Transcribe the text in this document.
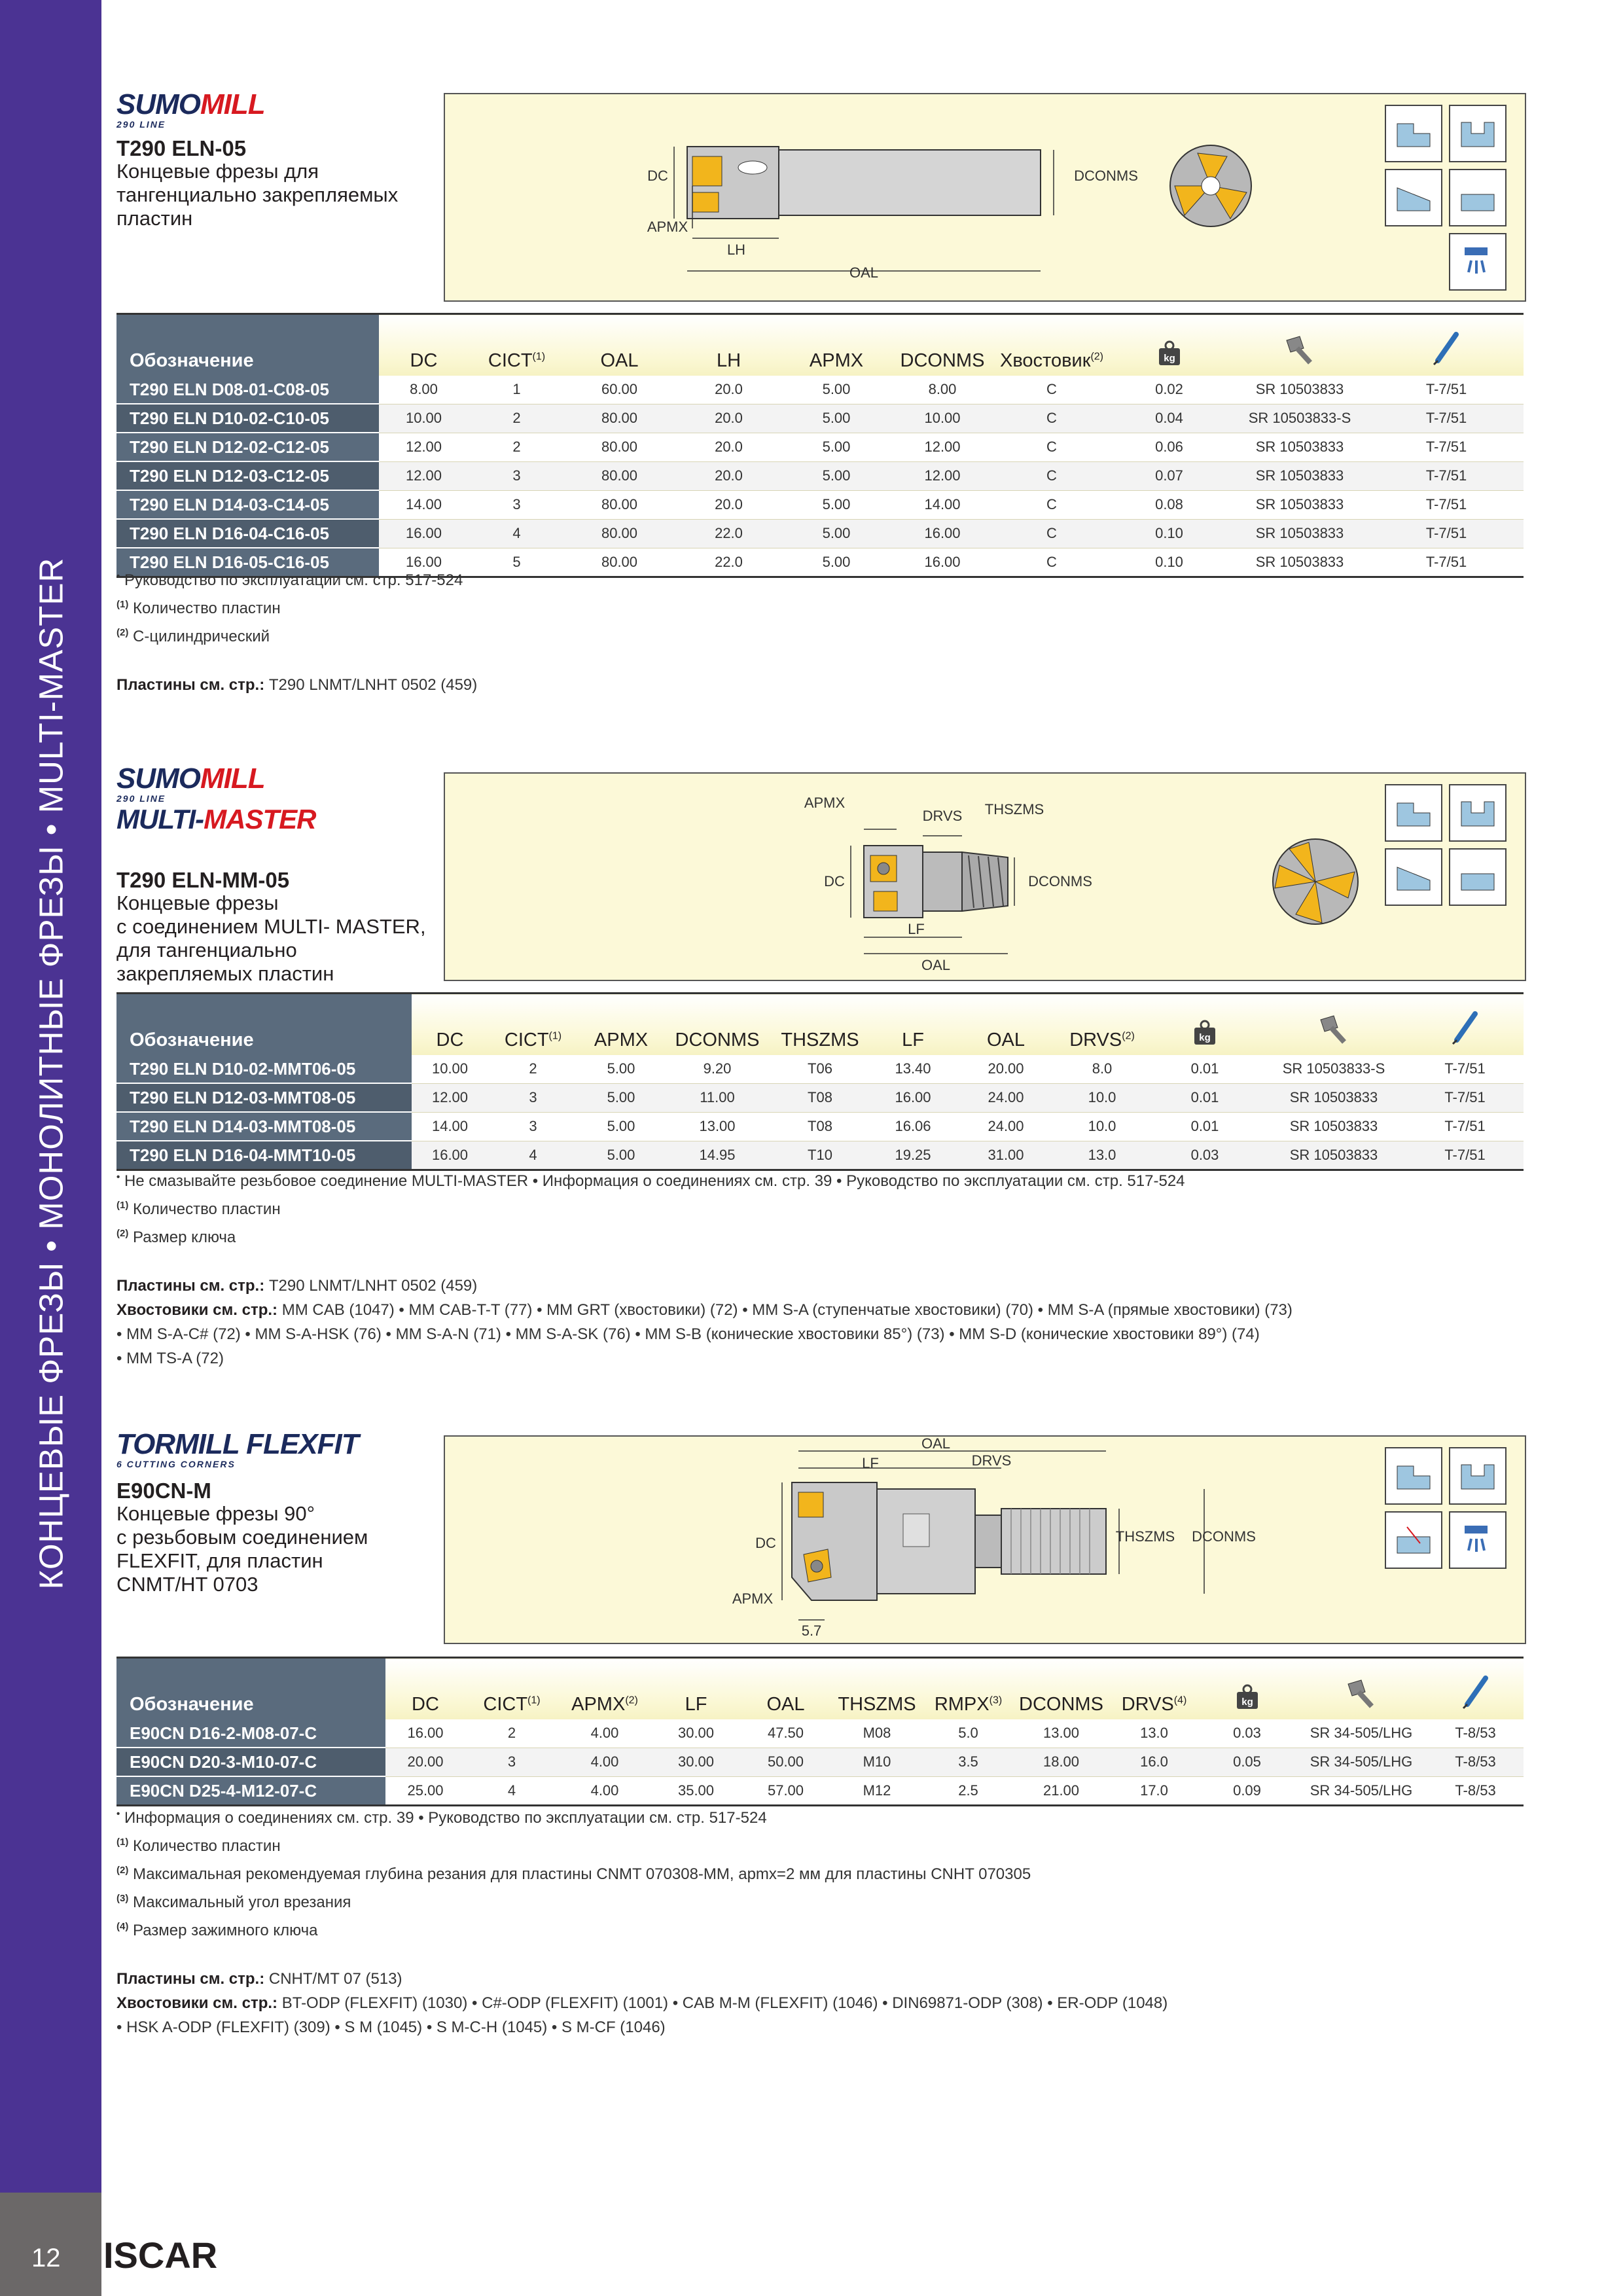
КОНЦЕВЫЕ ФРЕЗЫ • МОНОЛИТНЫЕ ФРЕЗЫ • MULTI-MASTER
12 ISCAR
SUMOMILL
290 LINE
T290 ELN-05
Концевые фрезы для
тангенциально закрепляемых
пластин
DC
APMX
LH
OAL
DCONMS
Обозначение	DC	CICT$^{(1)}$	OAL	LH	APMX	DCONMS	Хвостовик$^{(2)}$	kg

T290 ELN D08-01-C08-05	8.00	1	60.00	20.0	5.00	8.00	C	0.02	SR 10503833	T-7/51
T290 ELN D10-02-C10-05	10.00	2	80.00	20.0	5.00	10.00	C	0.04	SR 10503833-S	T-7/51
T290 ELN D12-02-C12-05	12.00	2	80.00	20.0	5.00	12.00	C	0.06	SR 10503833	T-7/51
T290 ELN D12-03-C12-05	12.00	3	80.00	20.0	5.00	12.00	C	0.07	SR 10503833	T-7/51
T290 ELN D14-03-C14-05	14.00	3	80.00	20.0	5.00	14.00	C	0.08	SR 10503833	T-7/51
T290 ELN D16-04-C16-05	16.00	4	80.00	22.0	5.00	16.00	C	0.10	SR 10503833	T-7/51
T290 ELN D16-05-C16-05	16.00	5	80.00	22.0	5.00	16.00	C	0.10	SR 10503833	T-7/51
• Руководство по эксплуатации см. стр. 517-524
$^{(1)}$ Количество пластин
$^{(2)}$ С-цилиндрический
Пластины см. стр.: T290 LNMT/LNHT 0502 (459)
SUMOMILL
290 LINE
MULTI-MASTER
T290 ELN-MM-05
Концевые фрезы
с соединением MULTI- MASTER,
для тангенциально
закрепляемых пластин
APMX
DRVS THSZMS
DC	DCONMS
LF
OAL
Обозначение	DC	CICT$^{(1)}$	APMX	DCONMS	THSZMS	LF	OAL	DRVS$^{(2)}$	kg

T290 ELN D10-02-MMT06-05	10.00	2	5.00	9.20	T06	13.40	20.00	8.0	0.01	SR 10503833-S	T-7/51
T290 ELN D12-03-MMT08-05	12.00	3	5.00	11.00	T08	16.00	24.00	10.0	0.01	SR 10503833	T-7/51
T290 ELN D14-03-MMT08-05	14.00	3	5.00	13.00	T08	16.06	24.00	10.0	0.01	SR 10503833	T-7/51
T290 ELN D16-04-MMT10-05	16.00	4	5.00	14.95	T10	19.25	31.00	13.0	0.03	SR 10503833	T-7/51
• Не смазывайте резьбовое соединение MULTI-MASTER • Информация о соединениях см. стр. 39 • Руководство по эксплуатации см. стр. 517-524
$^{(1)}$ Количество пластин
$^{(2)}$ Размер ключа
Пластины см. стр.: T290 LNMT/LNHT 0502 (459)
Хвостовики см. стр.: MM CAB (1047) • MM CAB-T-T (77) • MM GRT (хвостовики) (72) • MM S-A (ступенчатые хвостовики) (70) • MM S-A (прямые хвостовики) (73)
• MM S-A-C# (72) • MM S-A-HSK (76) • MM S-A-N (71) • MM S-A-SK (76) • MM S-B (конические хвостовики 85°) (73) • MM S-D (конические хвостовики 89°) (74)
• MM TS-A (72)
TORMILL FLEXFIT
6 CUTTING CORNERS
E90CN-M
Концевые фрезы 90°
с резьбовым соединением
FLEXFIT, для пластин
CNMT/HT 0703
OAL
LF	DRVS
DC	THSZMS DCONMS
APMX
5.7
Обозначение	DC	CICT$^{(1)}$	APMX$^{(2)}$	LF	OAL	THSZMS	RMPX$^{(3)}$	DCONMS	DRVS$^{(4)}$	kg

E90CN D16-2-M08-07-C	16.00	2	4.00	30.00	47.50	M08	5.0	13.00	13.0	0.03	SR 34-505/LHG	T-8/53
E90CN D20-3-M10-07-C	20.00	3	4.00	30.00	50.00	M10	3.5	18.00	16.0	0.05	SR 34-505/LHG	T-8/53
E90CN D25-4-M12-07-C	25.00	4	4.00	35.00	57.00	M12	2.5	21.00	17.0	0.09	SR 34-505/LHG	T-8/53
• Информация о соединениях см. стр. 39 • Руководство по эксплуатации см. стр. 517-524
$^{(1)}$ Количество пластин
$^{(2)}$ Максимальная рекомендуемая глубина резания для пластины CNMT 070308-MM, apmx=2 мм для пластины CNHT 070305
$^{(3)}$ Максимальный угол врезания
$^{(4)}$ Размер зажимного ключа
Пластины см. стр.: CNHT/MT 07 (513)
Хвостовики см. стр.: BT-ODP (FLEXFIT) (1030) • C#-ODP (FLEXFIT) (1001) • CAB M-M (FLEXFIT) (1046) • DIN69871-ODP (308) • ER-ODP (1048)
• HSK A-ODP (FLEXFIT) (309) • S M (1045) • S M-C-H (1045) • S M-CF (1046)
